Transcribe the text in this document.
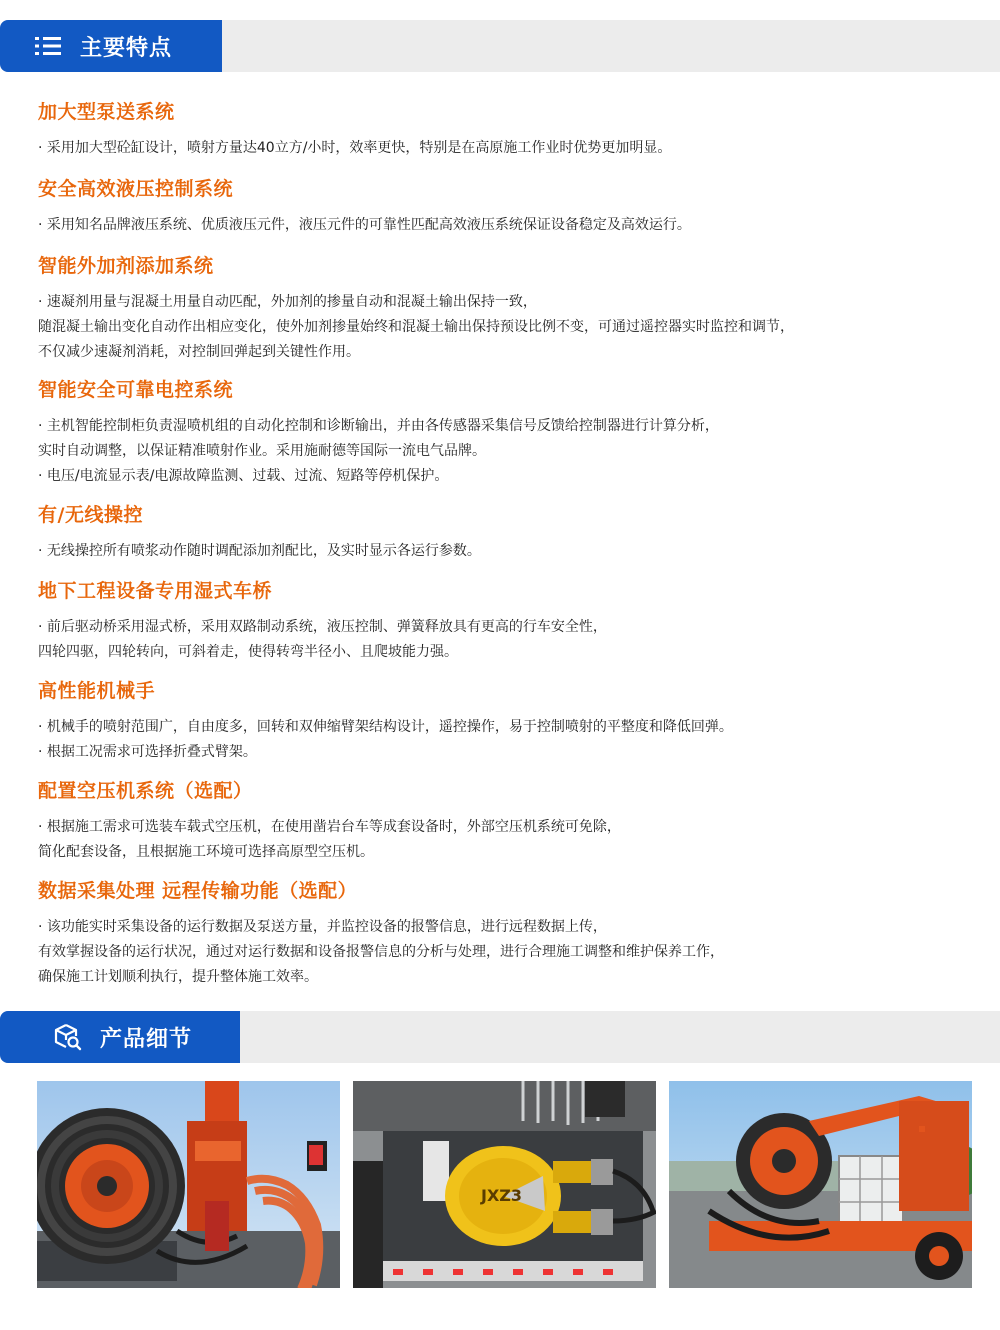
主要特点
加大型泵送系统
· 采用加大型砼缸设计，喷射方量达40立方/小时，效率更快，特别是在高原施工作业时优势更加明显。
安全高效液压控制系统
· 采用知名品牌液压系统、优质液压元件，液压元件的可靠性匹配高效液压系统保证设备稳定及高效运行。
智能外加剂添加系统
· 速凝剂用量与混凝土用量自动匹配，外加剂的掺量自动和混凝土输出保持一致，
随混凝土输出变化自动作出相应变化，使外加剂掺量始终和混凝土输出保持预设比例不变，可通过遥控器实时监控和调节，
不仅减少速凝剂消耗，对控制回弹起到关键性作用。
智能安全可靠电控系统
· 主机智能控制柜负责湿喷机组的自动化控制和诊断输出，并由各传感器采集信号反馈给控制器进行计算分析，
实时自动调整，以保证精准喷射作业。采用施耐德等国际一流电气品牌。
· 电压/电流显示表/电源故障监测、过载、过流、短路等停机保护。
有/无线操控
· 无线操控所有喷浆动作随时调配添加剂配比，及实时显示各运行参数。
地下工程设备专用湿式车桥
· 前后驱动桥采用湿式桥，采用双路制动系统，液压控制、弹簧释放具有更高的行车安全性，
四轮四驱，四轮转向，可斜着走，使得转弯半径小、且爬坡能力强。
高性能机械手
· 机械手的喷射范围广，自由度多，回转和双伸缩臂架结构设计，遥控操作，易于控制喷射的平整度和降低回弹。
· 根据工况需求可选择折叠式臂架。
配置空压机系统（选配）
· 根据施工需求可选装车载式空压机，在使用凿岩台车等成套设备时，外部空压机系统可免除，
简化配套设备，且根据施工环境可选择高原型空压机。
数据采集处理 远程传输功能（选配）
· 该功能实时采集设备的运行数据及泵送方量，并监控设备的报警信息，进行远程数据上传，
有效掌握设备的运行状况，通过对运行数据和设备报警信息的分析与处理，进行合理施工调整和维护保养工作，
确保施工计划顺利执行，提升整体施工效率。
产品细节
JXZ3
